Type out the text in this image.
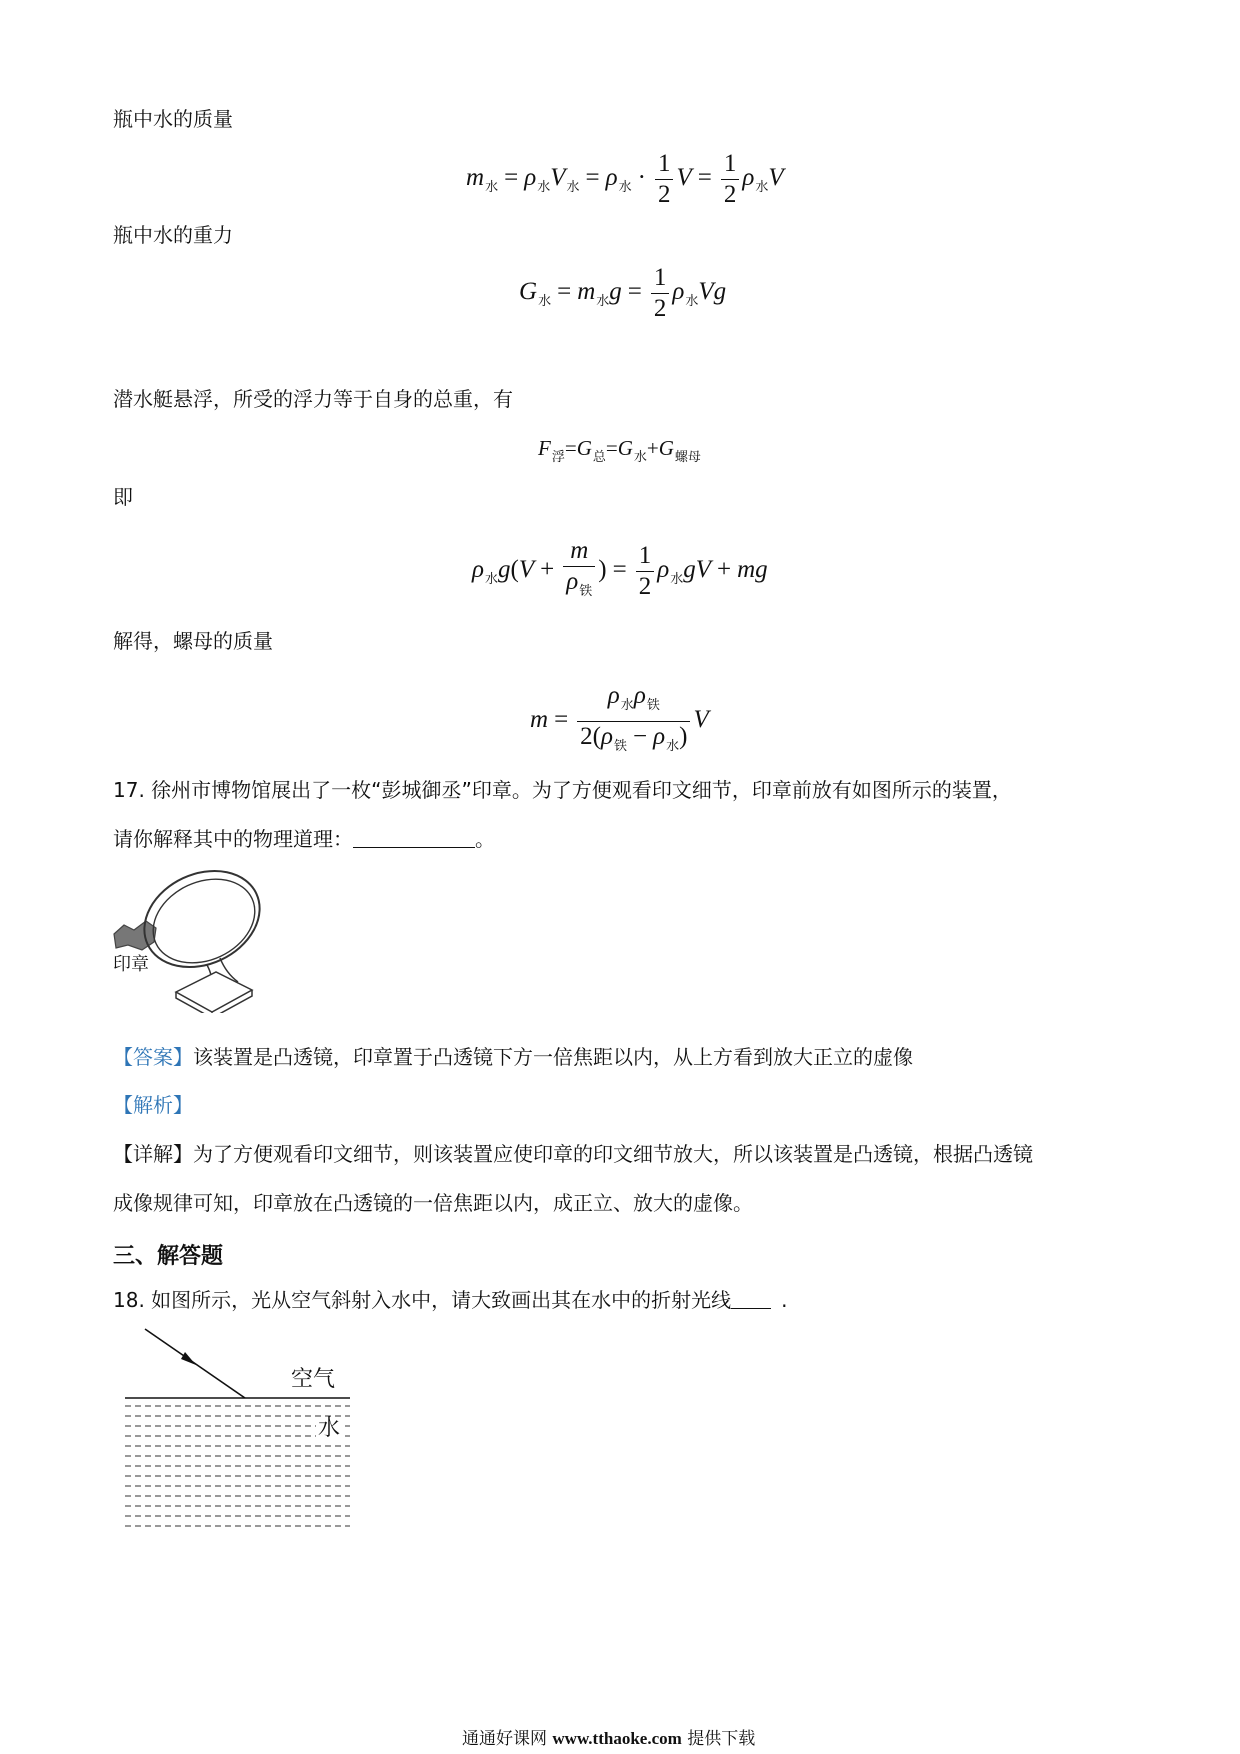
瓶中水的质量
$m_水 = \rho_水V_水 = \rho_水 \cdot \frac{1}{2}$ $V = \frac{1}{2} \rho_水V$
瓶中水的重力
$G_水 = m_水g = \frac{1}{2} \rho_水Vg$
潜水艇悬浮，所受的浮力等于自身的总重，有
$F_浮=G_总=G_水+G_{螺母}$
即
$\rho_水g(V + \frac{m}{\rho_铁}$ ) = $\frac{1}{2} \rho_水gV$ + mg
解得，螺母的质量
$m = \frac{\rho_水\rho_铁}{2(\rho_铁 - \rho_水)}$ V
17. 徐州市博物馆展出了一枚“彭城御丞”印章。为了方便观看印文细节，印章前放有如图所示的装置，
请你解释其中的物理道理：	。
印章
【答案】该装置是凸透镜，印章置于凸透镜下方一倍焦距以内，从上方看到放大正立的虚像
【解析】
【详解】为了方便观看印文细节，则该装置应使印章的印文细节放大，所以该装置是凸透镜，根据凸透镜
成像规律可知，印章放在凸透镜的一倍焦距以内，成正立、放大的虚像。
三、解答题
18. 如图所示，光从空气斜射入水中，请大致画出其在水中的折射光线	.
空气
水
通通好课网 www.tthaoke.com 提供下载
